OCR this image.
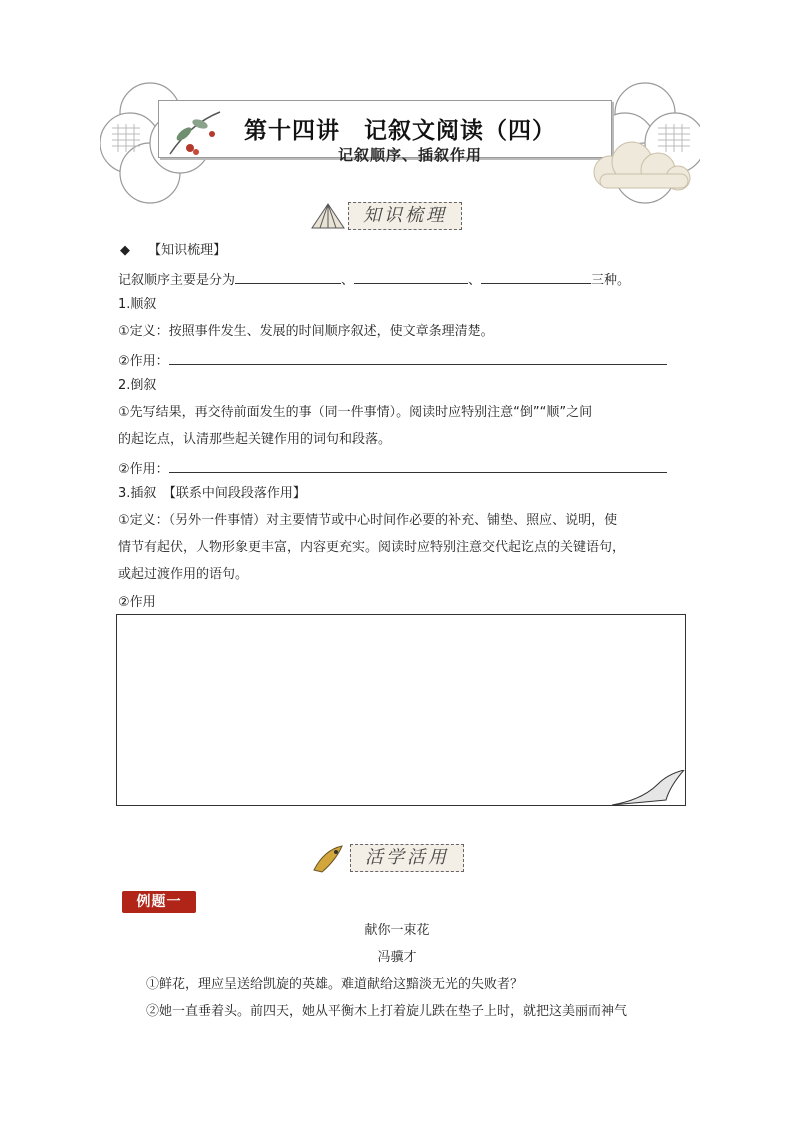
第十四讲　记叙文阅读（四）
记叙顺序、插叙作用
知识梳理
◆ 【知识梳理】
记叙顺序主要是分为	、	、	三种。
1.顺叙
①定义：按照事件发生、发展的时间顺序叙述，使文章条理清楚。
②作用：
2.倒叙
①先写结果，再交待前面发生的事（同一件事情）。阅读时应特别注意“倒”“顺”之间
的起讫点，认清那些起关键作用的词句和段落。
②作用：
3.插叙　【联系中间段段落作用】
①定义：（另外一件事情）对主要情节或中心时间作必要的补充、铺垫、照应、说明，使
情节有起伏，人物形象更丰富，内容更充实。阅读时应特别注意交代起讫点的关键语句，
或起过渡作用的语句。
②作用
活学活用
例题一
献你一束花
冯骥才
①鲜花，理应呈送给凯旋的英雄。难道献给这黯淡无光的失败者？
②她一直垂着头。前四天，她从平衡木上打着旋儿跌在垫子上时，就把这美丽而神气
